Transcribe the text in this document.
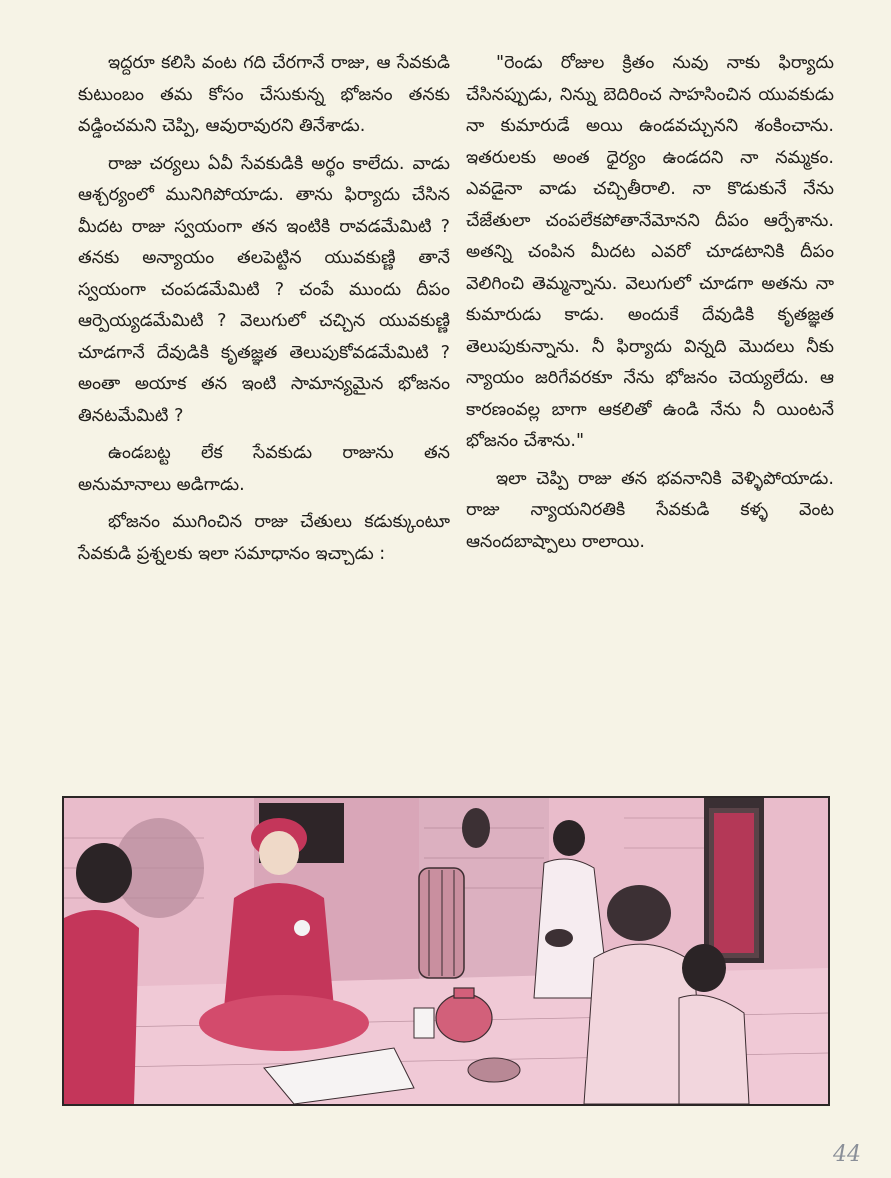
ఇద్దరూ కలిసి వంట గది చేరగానే రాజు, ఆ సేవకుడి కుటుంబం తమ కోసం చేసుకున్న భోజనం తనకు వడ్డించమని చెప్పి, ఆవురావురని తినేశాడు.

రాజు చర్యలు ఏవీ సేవకుడికి అర్థం కాలేదు. వాడు ఆశ్చర్యంలో మునిగిపోయాడు. తాను ఫిర్యాదు చేసిన మీదట రాజు స్వయంగా తన ఇంటికి రావడమేమిటి ? తనకు అన్యాయం తలపెట్టిన యువకుణ్ణి తానే స్వయంగా చంపడమేమిటి ? చంపే ముందు దీపం ఆర్పెయ్యడమేమిటి ? వెలుగులో చచ్చిన యువకుణ్ణి చూడగానే దేవుడికి కృతజ్ఞత తెలుపుకోవడమేమిటి ? అంతా అయాక తన ఇంటి సామాన్యమైన భోజనం తినటమేమిటి ?

ఉండబట్ట లేక సేవకుడు రాజును తన అనుమానాలు అడిగాడు.

భోజనం ముగించిన రాజు చేతులు కడుక్కుంటూ సేవకుడి ప్రశ్నలకు ఇలా సమాధానం ఇచ్చాడు :

"రెండు రోజుల క్రితం నువు నాకు ఫిర్యాదు చేసినప్పుడు, నిన్ను బెదిరించ సాహసించిన యువకుడు నా కుమారుడే అయి ఉండవచ్చునని శంకించాను. ఇతరులకు అంత ధైర్యం ఉండదని నా నమ్మకం. ఎవడైనా వాడు చచ్చితీరాలి. నా కొడుకునే నేను చేజేతులా చంపలేకపోతానేమోనని దీపం ఆర్పేశాను. అతన్ని చంపిన మీదట ఎవరో చూడటానికి దీపం వెలిగించి తెమ్మన్నాను. వెలుగులో చూడగా అతను నా కుమారుడు కాడు. అందుకే దేవుడికి కృతజ్ఞత తెలుపుకున్నాను. నీ ఫిర్యాదు విన్నది మొదలు నీకు న్యాయం జరిగేవరకూ నేను భోజనం చెయ్యలేదు. ఆ కారణంవల్ల బాగా ఆకలితో ఉండి నేను నీ యింటనే భోజనం చేశాను."

ఇలా చెప్పి రాజు తన భవనానికి వెళ్ళిపోయాడు. రాజు న్యాయనిరతికి సేవకుడి కళ్ళ వెంట ఆనందబాష్పాలు రాలాయి.

44
